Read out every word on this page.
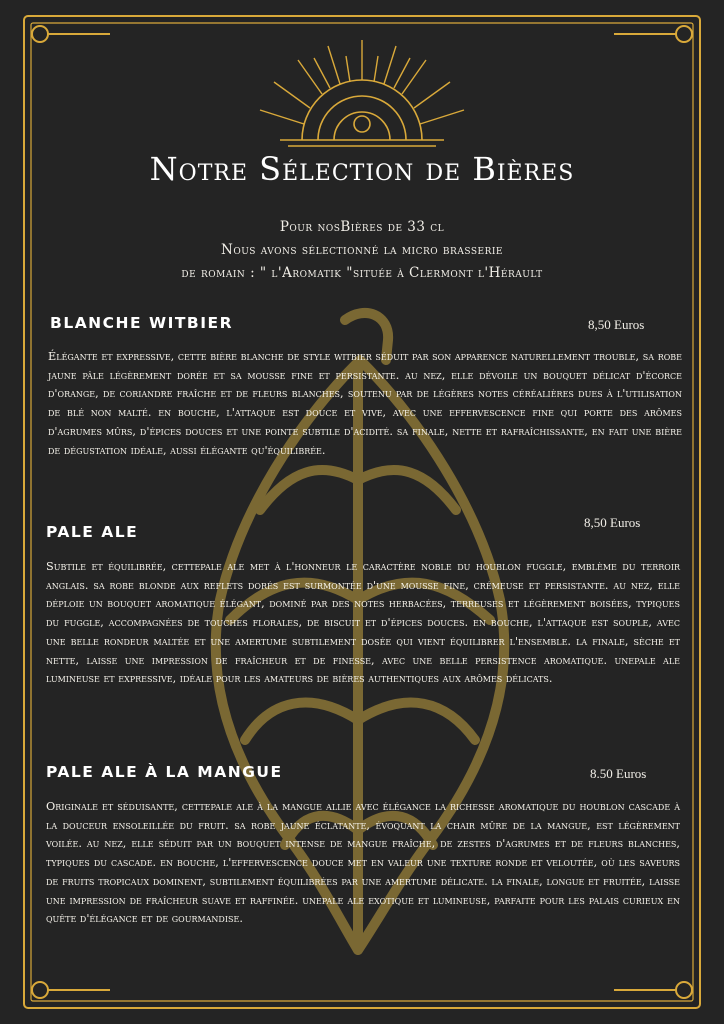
Notre Sélection de Bières
Pour nosBières de 33 cl
Nous avons sélectionné la micro brasserie
de romain : " l'Aromatik "située à Clermont l'Hérault
BLANCHE WITBIER	8,50 Euros
Élégante et expressive, cette bière blanche de style witbier séduit par son apparence naturellement trouble, sa robe jaune pâle légèrement dorée et sa mousse fine et persistante. au nez, elle dévoile un bouquet délicat d'écorce d'orange, de coriandre fraîche et de fleurs blanches, soutenu par de légères notes céréalières dues à l'utilisation de blé non malté. en bouche, l'attaque est douce et vive, avec une effervescence fine qui porte des arômes d'agrumes mûrs, d'épices douces et une pointe subtile d'acidité. sa finale, nette et rafraîchissante, en fait une bière de dégustation idéale, aussi élégante qu'équilibrée.
PALE ALE
8,50 Euros
Subtile et équilibrée, cettepale ale met à l'honneur le caractère noble du houblon fuggle, emblème du terroir anglais. sa robe blonde aux reflets dorés est surmontée d'une mousse fine, crémeuse et persistante. au nez, elle déploie un bouquet aromatique élégant, dominé par des notes herbacées, terreuses et légèrement boisées, typiques du fuggle, accompagnées de touches florales, de biscuit et d'épices douces. en bouche, l'attaque est souple, avec une belle rondeur maltée et une amertume subtilement dosée qui vient équilibrer l'ensemble. la finale, sèche et nette, laisse une impression de fraîcheur et de finesse, avec une belle persistence aromatique. unepale ale lumineuse et expressive, idéale pour les amateurs de bières authentiques aux arômes délicats.
PALE ALE À LA MANGUE	8.50 Euros
Originale et séduisante, cettepale ale à la mangue allie avec élégance la richesse aromatique du houblon cascade à la douceur ensoleillée du fruit. sa robe jaune éclatante, évoquant la chair mûre de la mangue, est légèrement voilée. au nez, elle séduit par un bouquet intense de mangue fraîche, de zestes d'agrumes et de fleurs blanches, typiques du cascade. en bouche, l'effervescence douce met en valeur une texture ronde et veloutée, où les saveurs de fruits tropicaux dominent, subtilement équilibrées par une amertume délicate. la finale, longue et fruitée, laisse une impression de fraîcheur suave et raffinée. unepale ale exotique et lumineuse, parfaite pour les palais curieux en quête d'élégance et de gourmandise.
